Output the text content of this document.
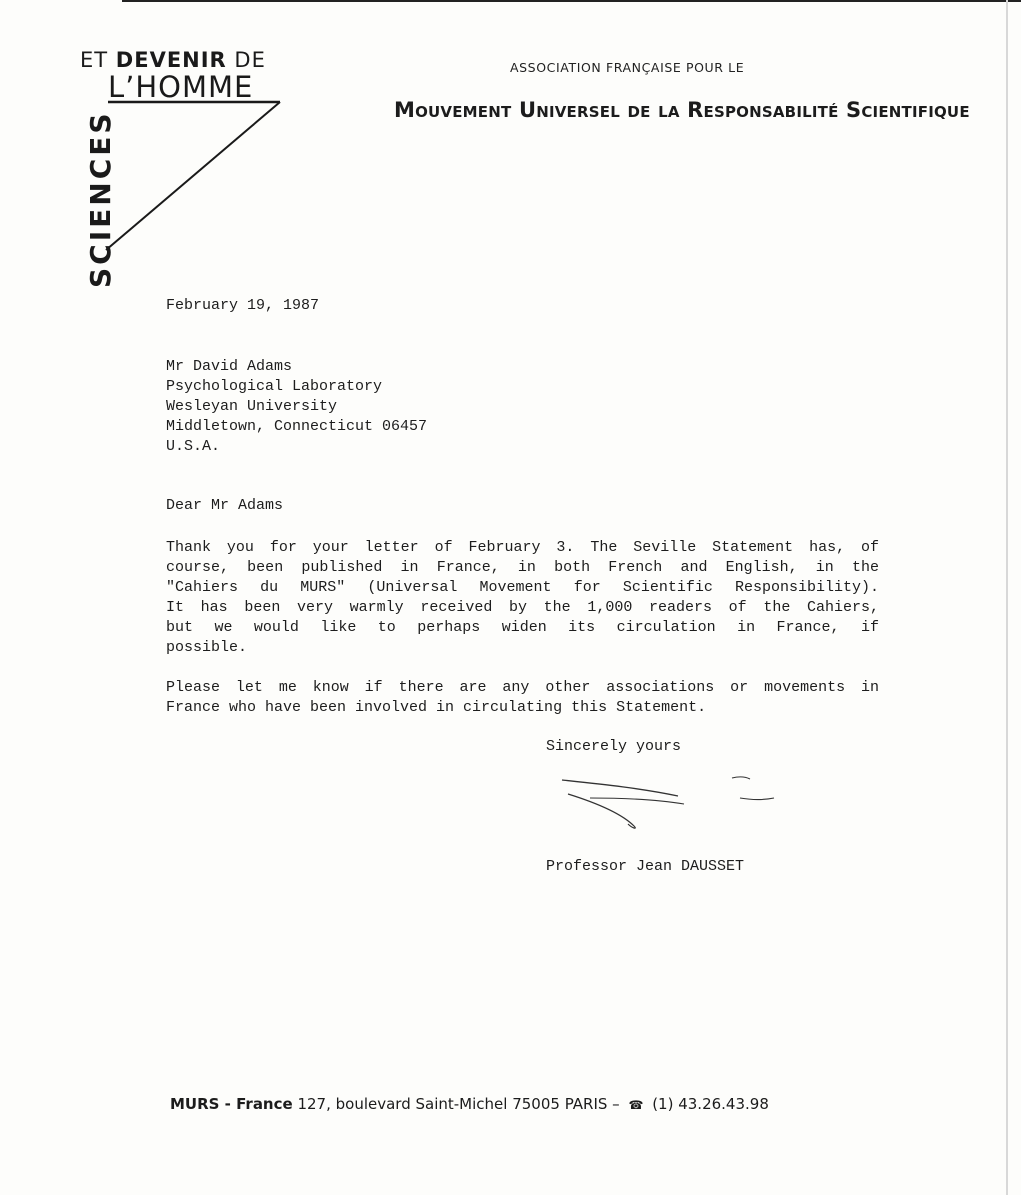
ET DEVENIR DE
L’HOMME
SCIENCES
ASSOCIATION FRANÇAISE POUR LE
Mouvement Universel de la Responsabilité Scientifique
February 19, 1987
Mr David Adams
Psychological Laboratory
Wesleyan University
Middletown, Connecticut 06457
U.S.A.
Dear Mr Adams
Thank you for your letter of February 3. The Seville Statement has, of
course, been published in France, in both French and English, in the
"Cahiers du MURS" (Universal Movement for Scientific Responsibility).
It has been very warmly received by the 1,000 readers of the Cahiers,
but we would like to perhaps widen its circulation in France, if
possible.
Please let me know if there are any other associations or movements in
France who have been involved in circulating this Statement.
Sincerely yours
Professor Jean DAUSSET
MURS - France 127, boulevard Saint-Michel 75005 PARIS – ☎ (1) 43.26.43.98
